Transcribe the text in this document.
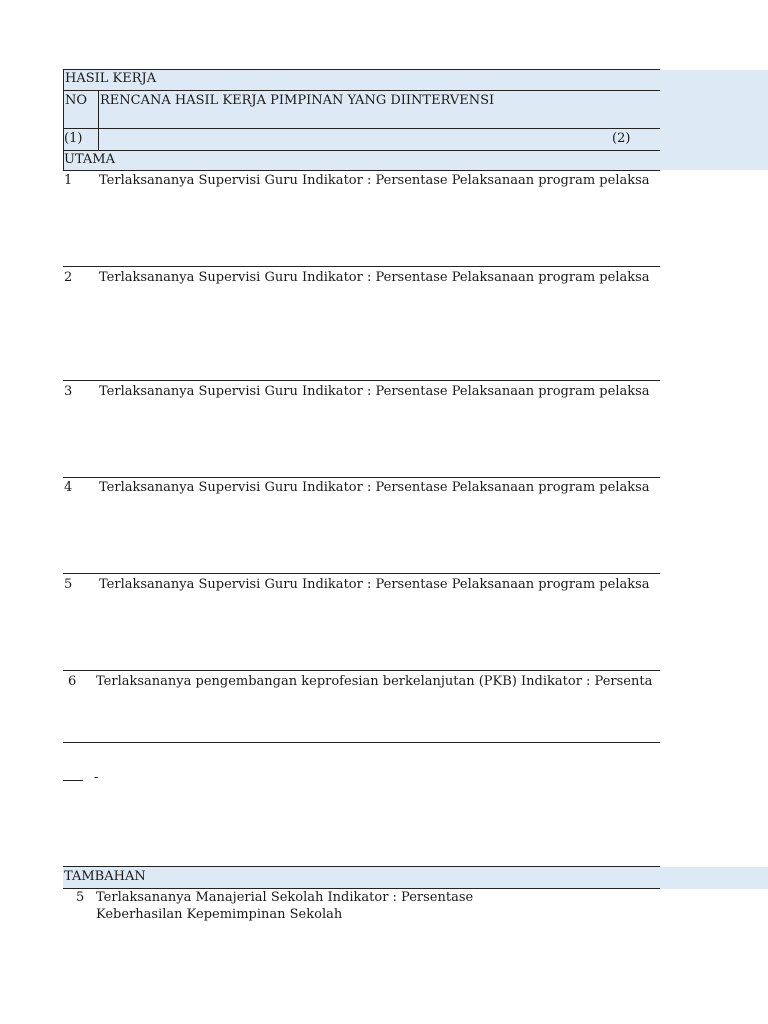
HASIL KERJA
NO RENCANA HASIL KERJA PIMPINAN YANG DIINTERVENSI
(1)	(2)
UTAMA
1 Terlaksananya Supervisi Guru Indikator : Persentase Pelaksanaan program pelaksa
2 Terlaksananya Supervisi Guru Indikator : Persentase Pelaksanaan program pelaksa
3 Terlaksananya Supervisi Guru Indikator : Persentase Pelaksanaan program pelaksa
4 Terlaksananya Supervisi Guru Indikator : Persentase Pelaksanaan program pelaksa
5 Terlaksananya Supervisi Guru Indikator : Persentase Pelaksanaan program pelaksa
6 Terlaksananya pengembangan keprofesian berkelanjutan (PKB) Indikator : Persenta
-
TAMBAHAN
5 Terlaksananya Manajerial Sekolah Indikator : Persentase
Keberhasilan Kepemimpinan Sekolah
